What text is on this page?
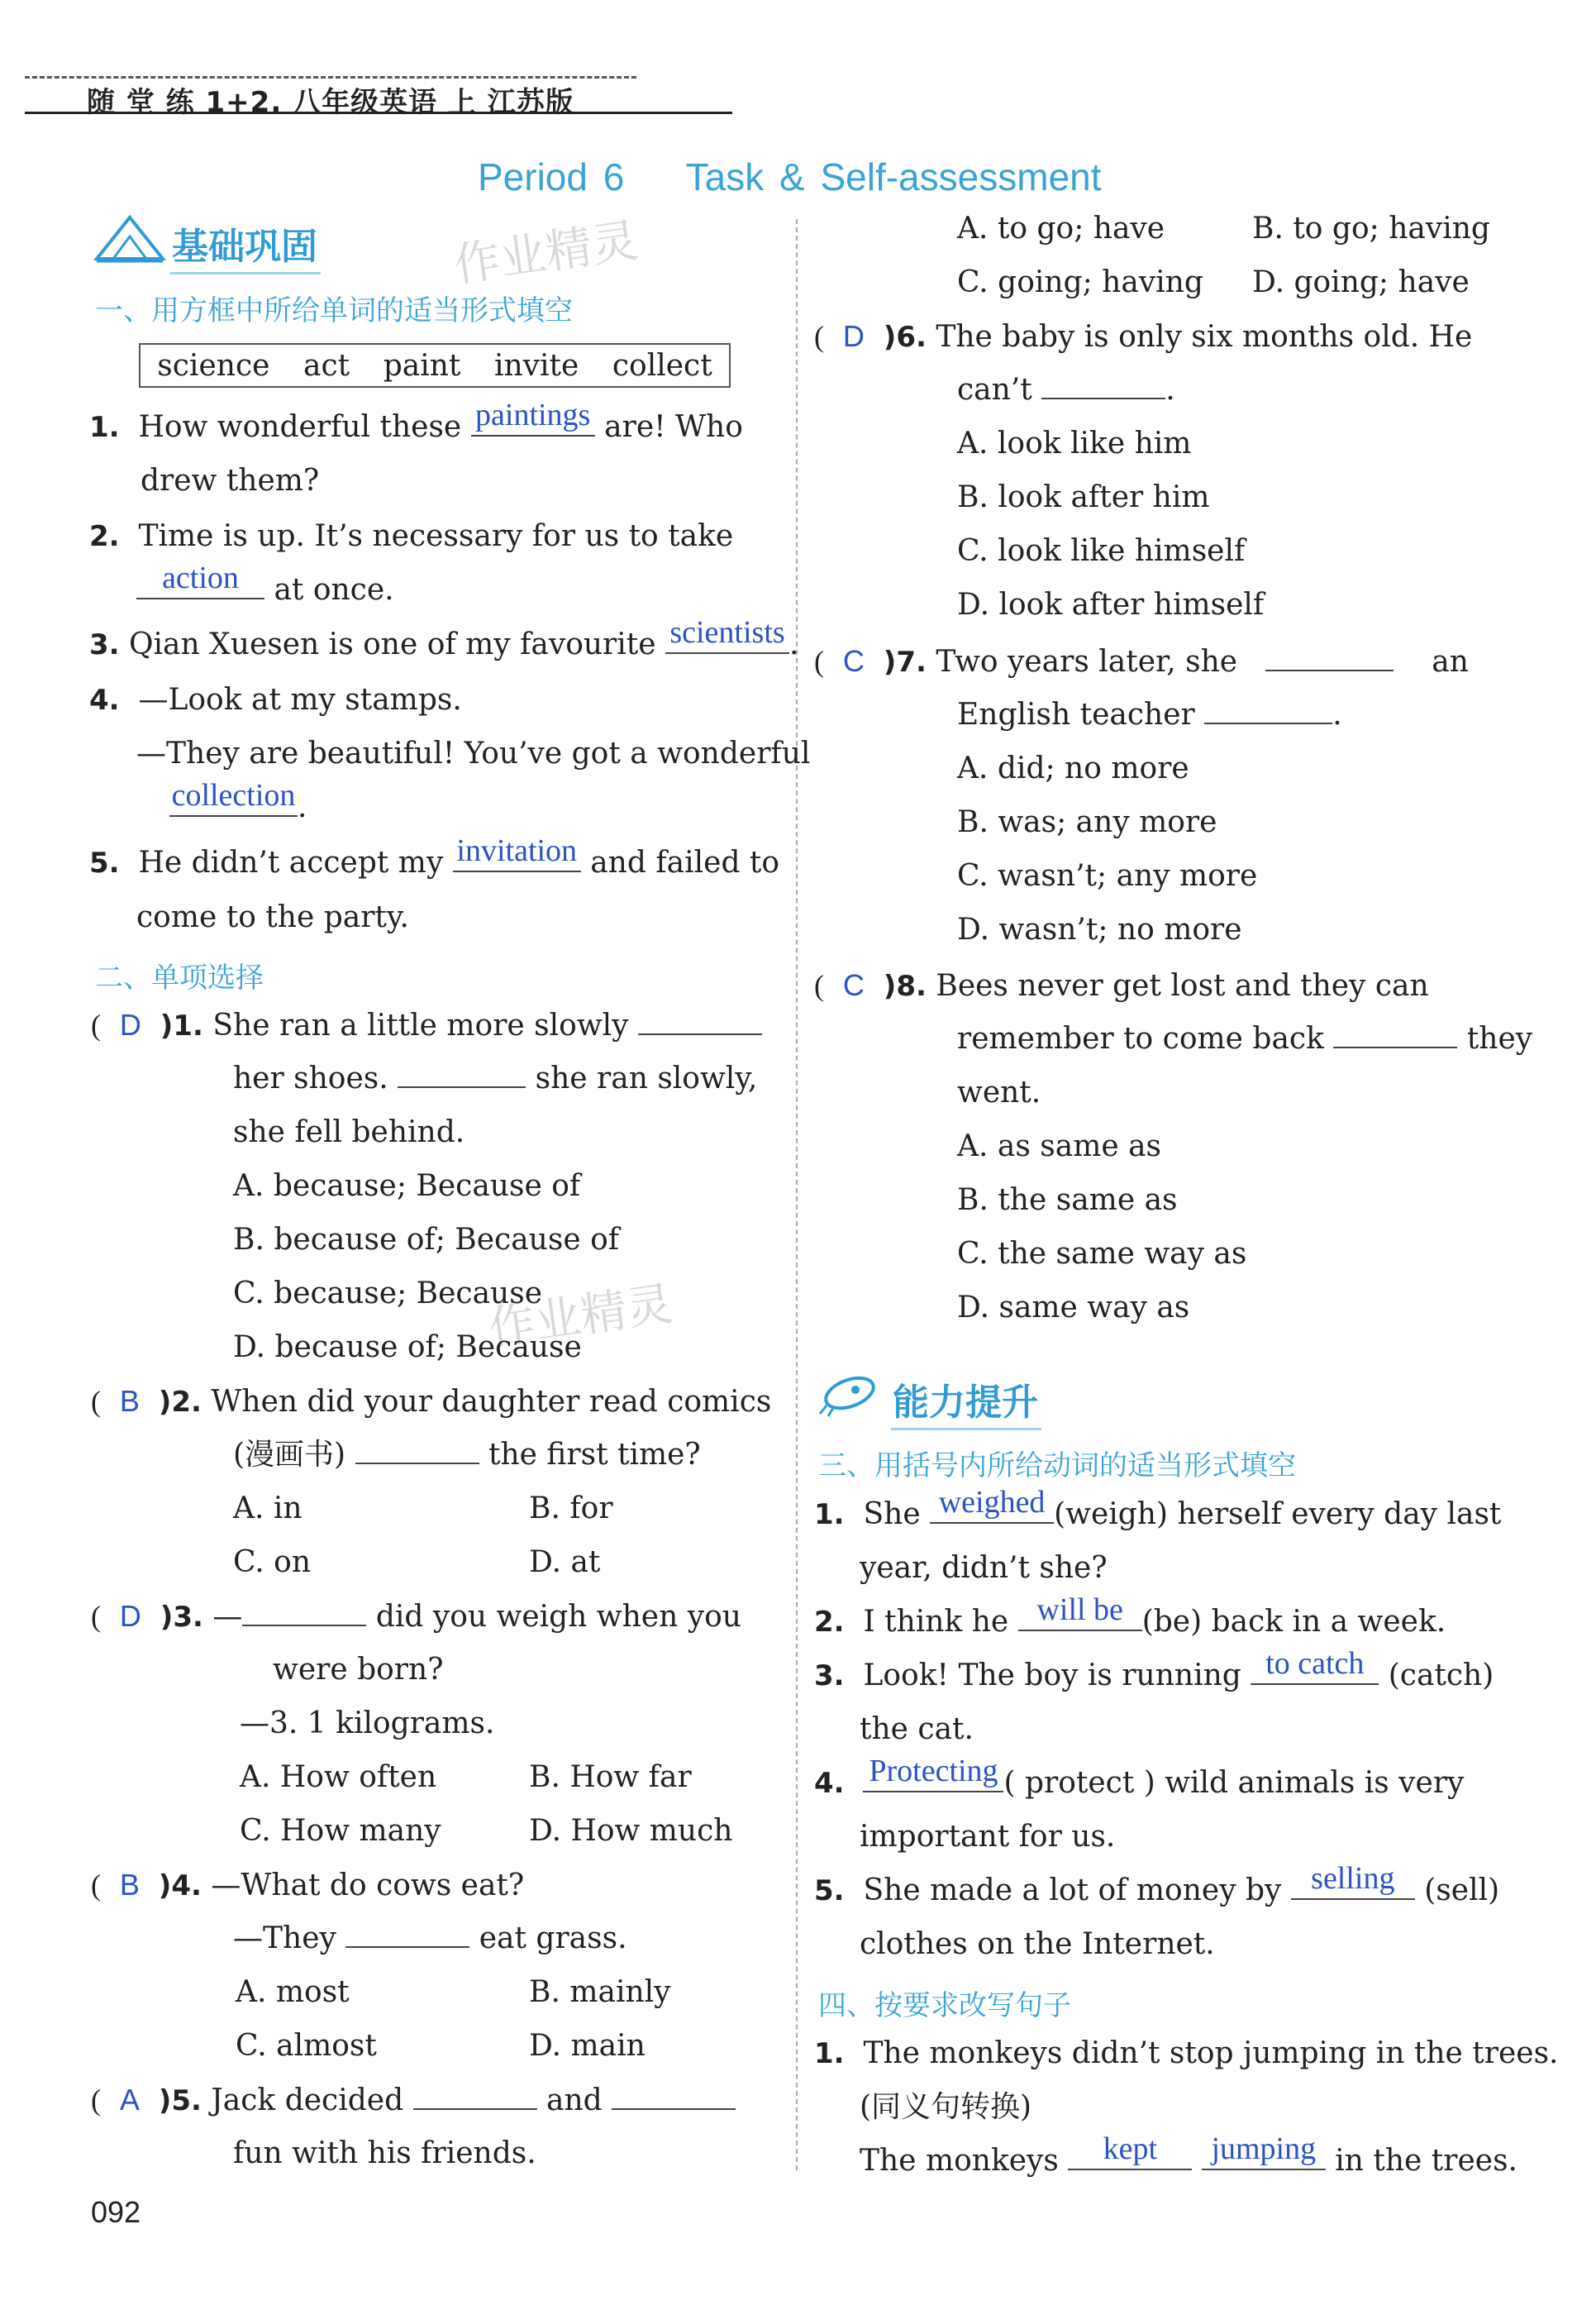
随 堂 练 1+2. 八年级英语 上 江苏版
Period 6 Task & Self-assessment
作业精灵
作业精灵
基础巩固
一、用方框中所给单词的适当形式填空
science act paint invite collect
1. How wonderful these paintings are! Who
drew them?
2. Time is up. It’s necessary for us to take
action	at once.
3. Qian Xuesen is one of my favourite scientists .
4. —Look at my stamps.
—They are beautiful! You’ve got a wonderful
collection .
5. He didn’t accept my invitation and failed to
come to the party.
二、单项选择
( D )1. She ran a little more slowly
her shoes.	she ran slowly,
she fell behind.
A. because; Because of
B. because of; Because of
C. because; Because
D. because of; Because
( B )2. When did your daughter read comics
(漫画书)	the first time?
A. in	B. for
C. on	D. at
( D )3. —	did you weigh when you
were born?
—3. 1 kilograms.
A. How often	B. How far
C. How many	D. How much
( B )4. —What do cows eat?
—They	eat grass.
A. most	B. mainly
C. almost	D. main
( A )5. Jack decided	and
fun with his friends.
092
A. to go; have	B. to go; having
C. going; having D. going; have
( D )6. The baby is only six months old. He
can’t	.
A. look like him
B. look after him
C. look like himself
D. look after himself
( C )7. Two years later, she	an
English teacher	.
A. did; no more
B. was; any more
C. wasn’t; any more
D. wasn’t; no more
( C )8. Bees never get lost and they can
remember to come back	they
went.
A. as same as
B. the same as
C. the same way as
D. same way as
能力提升
三、用括号内所给动词的适当形式填空
1. She weighed (weigh) herself every day last
year, didn’t she?
2. I think he will be (be) back in a week.
3. Look! The boy is running to catch (catch)
the cat.
4. Protecting ( protect ) wild animals is very
important for us.
5. She made a lot of money by selling (sell)
clothes on the Internet.
四、按要求改写句子
1. The monkeys didn’t stop jumping in the trees.
(同义句转换)
The monkeys	kept
	jumping in the trees.
